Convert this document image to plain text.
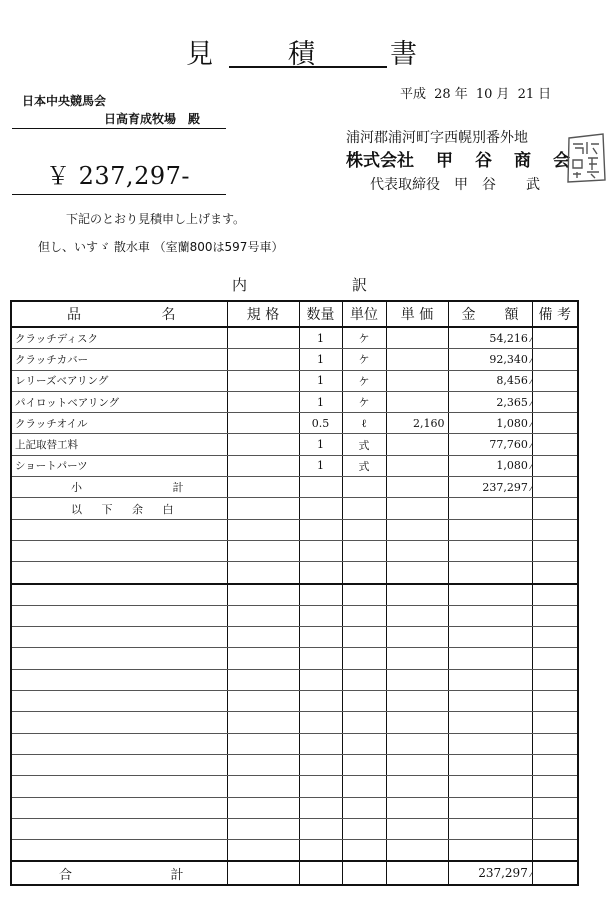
見　積　書
平成 28 年 10 月 21 日
日本中央競馬会
日高育成牧場　殿
￥ 237,297-
浦河郡浦河町字西幌別番外地
株式会社 甲 谷 商 会
代表取締役 甲 谷 武
下記のとおり見積申し上げます。
但し、いすゞ 散水車 （室蘭800は597号車）
内	訳
品 名	規 格	数量	単位	単 価	金 額	備 考
クラッチディスク		1	ケ		54,216 ⁄	
クラッチカバー		1	ケ		92,340 ⁄	
レリーズベアリング		1	ケ		8,456 ⁄	
パイロットベアリング		1	ケ		2,365 ⁄	
クラッチオイル		0.5	ℓ	2,160	1,080 ⁄	
上記取替工料		1	式		77,760 ⁄	
ショートパーツ		1	式		1,080 ⁄	

小 計					237,297 ⁄	

以 下 余 白						

合 計					237,297 ⁄	
